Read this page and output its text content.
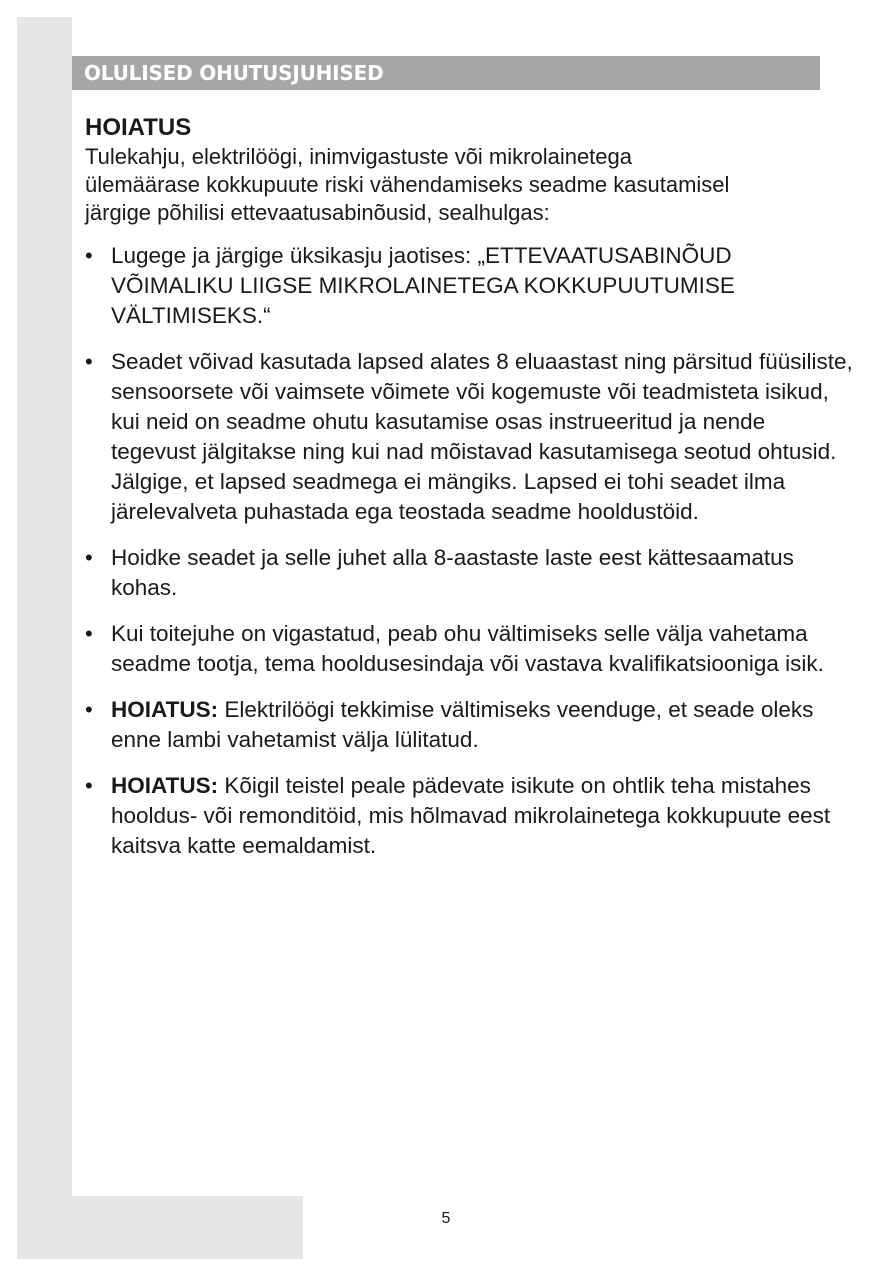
OLULISED OHUTUSJUHISED
HOIATUS

Tulekahju, elektrilöögi, inimvigastuste või mikrolainetega ülemäärase kokkupuute riski vähendamiseks seadme kasutamisel järgige põhilisi ettevaatusabinõusid, sealhulgas:

• Lugege ja järgige üksikasju jaotises: „ETTEVAATUSABINÕUD VÕIMALIKU LIIGSE MIKROLAINETEGA KOKKUPUUTUMISE VÄLTIMISEKS.“
• Seadet võivad kasutada lapsed alates 8 eluaastast ning pärsitud füüsiliste, sensoorsete või vaimsete võimete või kogemuste või teadmisteta isikud, kui neid on seadme ohutu kasutamise osas instrueeritud ja nende tegevust jälgitakse ning kui nad mõistavad kasutamisega seotud ohtusid. Jälgige, et lapsed seadmega ei mängiks. Lapsed ei tohi seadet ilma järelevalveta puhastada ega teostada seadme hooldustöid.
• Hoidke seadet ja selle juhet alla 8-aastaste laste eest kättesaamatus kohas.
• Kui toitejuhe on vigastatud, peab ohu vältimiseks selle välja vahetama seadme tootja, tema hooldusesindaja või vastava kvalifikatsiooniga isik.
• HOIATUS: Elektrilöögi tekkimise vältimiseks veenduge, et seade oleks enne lambi vahetamist välja lülitatud.
• HOIATUS: Kõigil teistel peale pädevate isikute on ohtlik teha mistahes hooldus- või remonditöid, mis hõlmavad mikrolainetega kokkupuute eest kaitsva katte eemaldamist.
5
